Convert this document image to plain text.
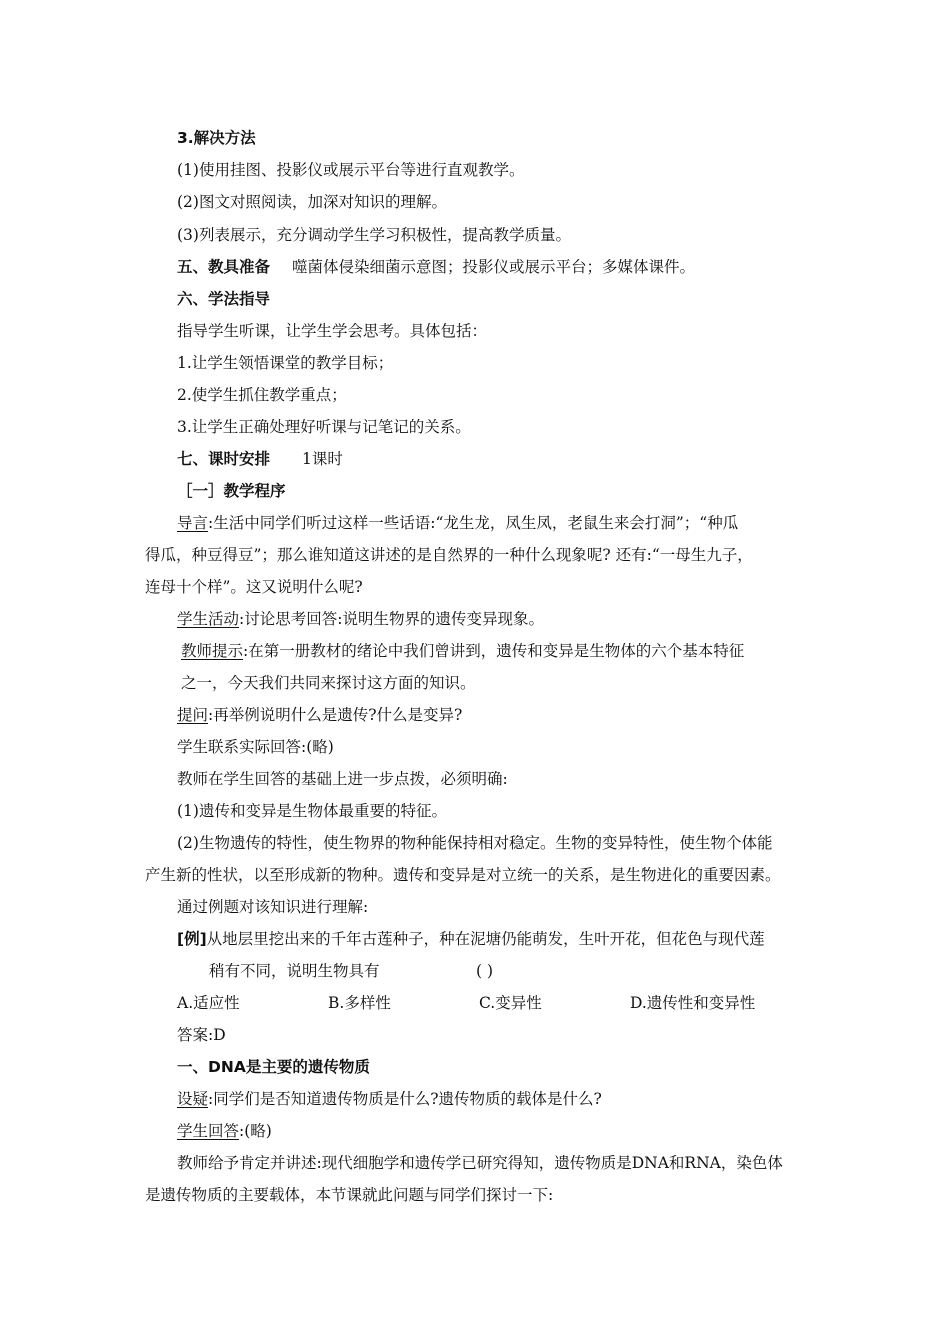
3.解决方法
(1)使用挂图、投影仪或展示平台等进行直观教学。
(2)图文对照阅读，加深对知识的理解。
(3)列表展示，充分调动学生学习积极性，提高教学质量。
五、教具准备 噬菌体侵染细菌示意图；投影仪或展示平台；多媒体课件。
六、学法指导
指导学生听课，让学生学会思考。具体包括：
1.让学生领悟课堂的教学目标；
2.使学生抓住教学重点；
3.让学生正确处理好听课与记笔记的关系。
七、课时安排 1课时
［一］教学程序
导言:生活中同学们听过这样一些话语:“龙生龙，凤生凤，老鼠生来会打洞”；“种瓜
得瓜，种豆得豆”；那么谁知道这讲述的是自然界的一种什么现象呢? 还有:“一母生九子，
连母十个样”。这又说明什么呢?
学生活动:讨论思考回答:说明生物界的遗传变异现象。
教师提示:在第一册教材的绪论中我们曾讲到，遗传和变异是生物体的六个基本特征
之一，今天我们共同来探讨这方面的知识。
提问:再举例说明什么是遗传?什么是变异?
学生联系实际回答:(略)
教师在学生回答的基础上进一步点拨，必须明确:
(1)遗传和变异是生物体最重要的特征。
(2)生物遗传的特性，使生物界的物种能保持相对稳定。生物的变异特性，使生物个体能
产生新的性状，以至形成新的物种。遗传和变异是对立统一的关系，是生物进化的重要因素。
通过例题对该知识进行理解:
[例]从地层里挖出来的千年古莲种子，种在泥塘仍能萌发，生叶开花，但花色与现代莲
稍有不同，说明生物具有	( )
A.适应性	B.多样性	C.变异性	D.遗传性和变异性
答案:D
一、DNA是主要的遗传物质
设疑:同学们是否知道遗传物质是什么?遗传物质的载体是什么?
学生回答:(略)
教师给予肯定并讲述:现代细胞学和遗传学已研究得知，遗传物质是DNA和RNA，染色体
是遗传物质的主要载体，本节课就此问题与同学们探讨一下:
